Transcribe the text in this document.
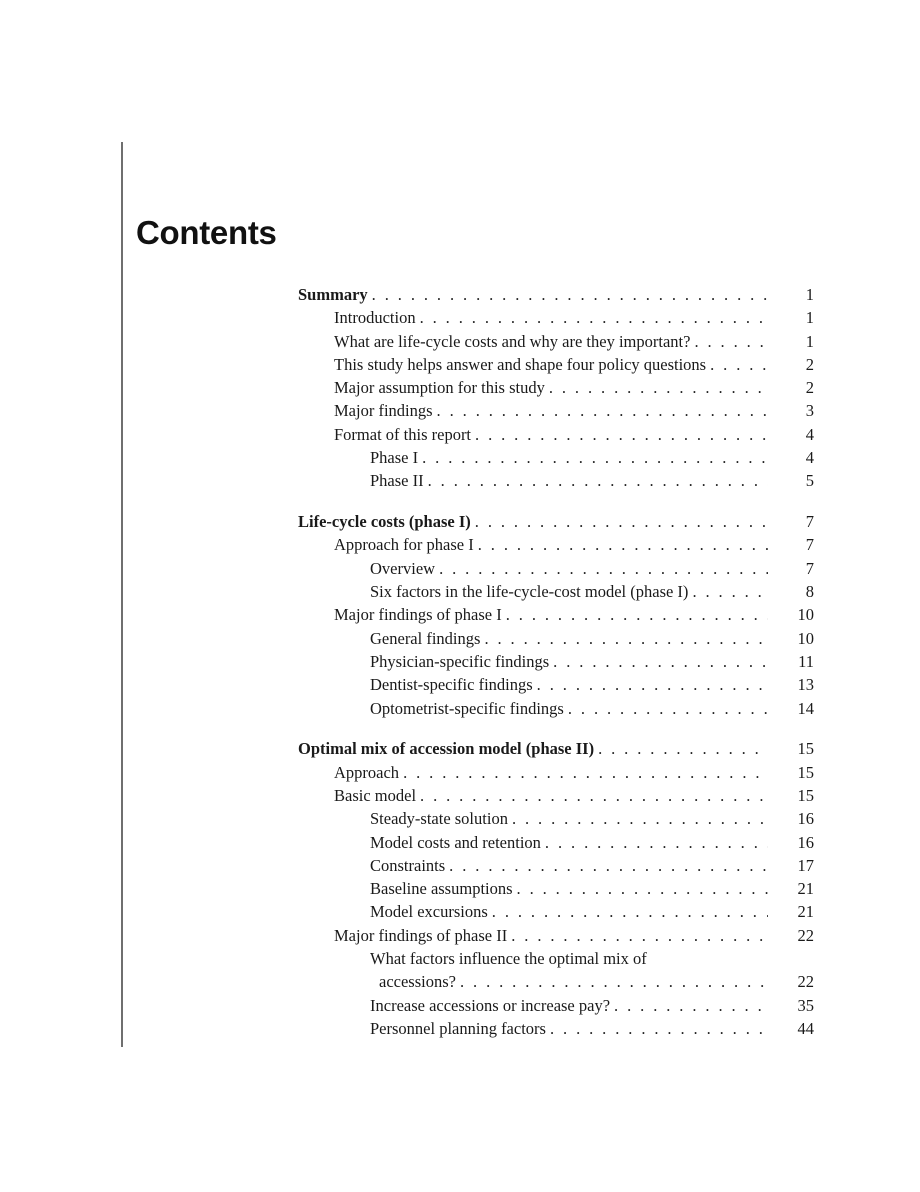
Contents
Summary . . .	1
Introduction . . .	1
What are life-cycle costs and why are they important? . . .	1
This study helps answer and shape four policy questions . . .	2
Major assumption for this study . . .	2
Major findings . . .	3
Format of this report . . .	4
Phase I . . .	4
Phase II . . .	5
Life-cycle costs (phase I) . . .	7
Approach for phase I . . .	7
Overview . . .	7
Six factors in the life-cycle-cost model (phase I) . . .	8
Major findings of phase I . . .	10
General findings . . .	10
Physician-specific findings . . .	11
Dentist-specific findings . . .	13
Optometrist-specific findings . . .	14
Optimal mix of accession model (phase II) . . .	15
Approach . . .	15
Basic model . . .	15
Steady-state solution . . .	16
Model costs and retention . . .	16
Constraints . . .	17
Baseline assumptions . . .	21
Model excursions . . .	21
Major findings of phase II . . .	22
What factors influence the optimal mix of
accessions? . . .	22
Increase accessions or increase pay? . . .	35
Personnel planning factors . . .	44
